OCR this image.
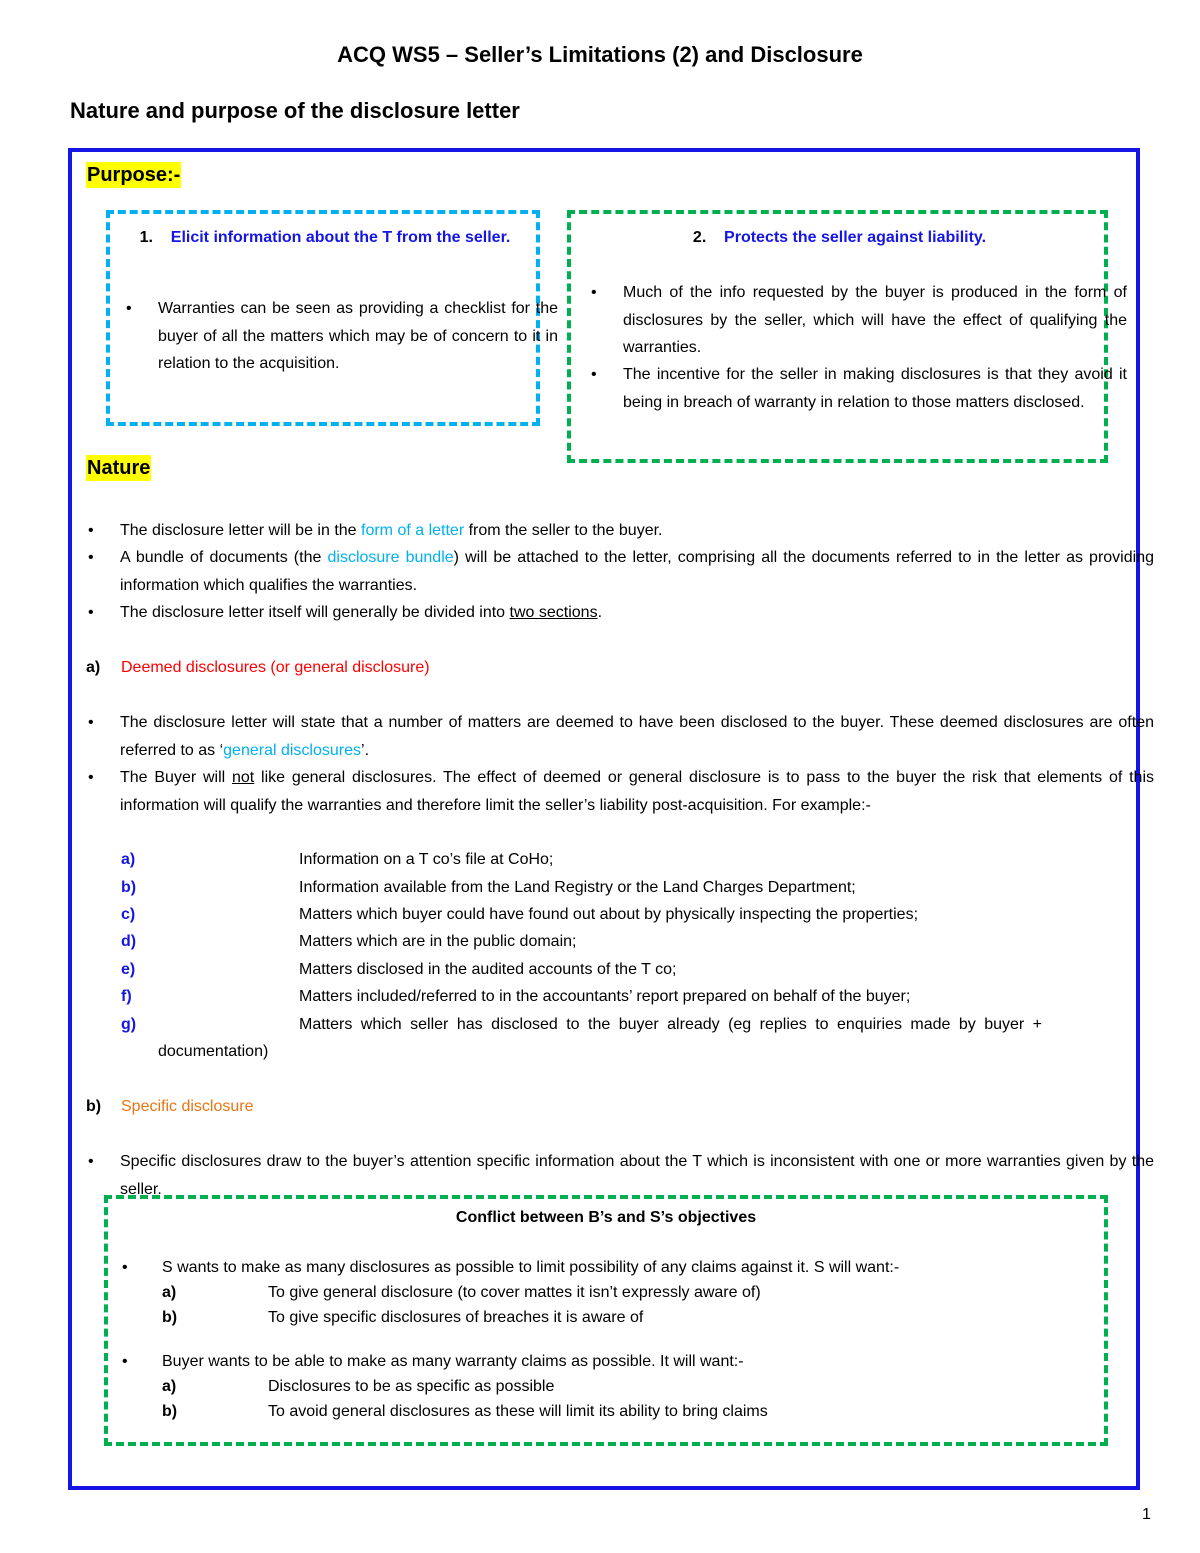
ACQ WS5 – Seller’s Limitations (2) and Disclosure
Nature and purpose of the disclosure letter
Purpose:-
1. Elicit information about the T from the seller.
• Warranties can be seen as providing a checklist for the buyer of all the matters which may be of concern to it in relation to the acquisition.
2. Protects the seller against liability.
• Much of the info requested by the buyer is produced in the form of disclosures by the seller, which will have the effect of qualifying the warranties.
• The incentive for the seller in making disclosures is that they avoid it being in breach of warranty in relation to those matters disclosed.
Nature
• The disclosure letter will be in the form of a letter from the seller to the buyer.
• A bundle of documents (the disclosure bundle) will be attached to the letter, comprising all the documents referred to in the letter as providing information which qualifies the warranties.
• The disclosure letter itself will generally be divided into two sections.
a) Deemed disclosures (or general disclosure)
• The disclosure letter will state that a number of matters are deemed to have been disclosed to the buyer. These deemed disclosures are often referred to as ‘general disclosures’.
• The Buyer will not like general disclosures. The effect of deemed or general disclosure is to pass to the buyer the risk that elements of this information will qualify the warranties and therefore limit the seller’s liability post-acquisition. For example:-
a)	Information on a T co’s file at CoHo;
b)	Information available from the Land Registry or the Land Charges Department;
c)	Matters which buyer could have found out about by physically inspecting the properties;
d)	Matters which are in the public domain;
e)	Matters disclosed in the audited accounts of the T co;
f)	Matters included/referred to in the accountants’ report prepared on behalf of the buyer;
g)	Matters which seller has disclosed to the buyer already (eg replies to enquiries made by buyer +
documentation)
b) Specific disclosure
• Specific disclosures draw to the buyer’s attention specific information about the T which is inconsistent with one or more warranties given by the seller.
Conflict between B’s and S’s objectives
• S wants to make as many disclosures as possible to limit possibility of any claims against it. S will want:-
a)	To give general disclosure (to cover mattes it isn’t expressly aware of)
b)	To give specific disclosures of breaches it is aware of
• Buyer wants to be able to make as many warranty claims as possible. It will want:-
a)	Disclosures to be as specific as possible
b)	To avoid general disclosures as these will limit its ability to bring claims
1
